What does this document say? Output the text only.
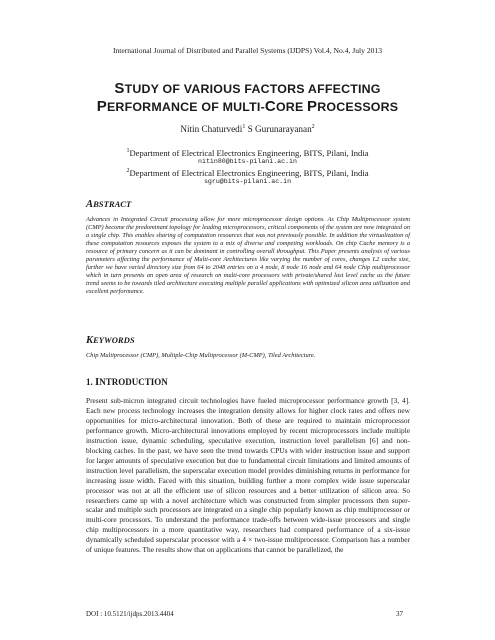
International Journal of Distributed and Parallel Systems (IJDPS) Vol.4, No.4, July 2013
STUDY OF VARIOUS FACTORS AFFECTING
PERFORMANCE OF MULTI-CORE PROCESSORS
Nitin Chaturvedi$^1$ S Gurunarayanan$^2$
$^1$Department of Electrical Electronics Engineering, BITS, Pilani, India
nitin80@bits-pilani.ac.in
$^2$Department of Electrical Electronics Engineering, BITS, Pilani, India
sgru@bits-pilani.ac.in
ABSTRACT
Advances in Integrated Circuit processing allow for more microprocessor design options. As Chip Multiprocessor system (CMP) become the predominant topology for leading microprocessors, critical components of the system are now integrated on a single chip. This enables sharing of computation resources that was not previously possible. In addition the virtualization of these computation resources exposes the system to a mix of diverse and competing workloads. On chip Cache memory is a resource of primary concern as it can be dominant in controlling overall throughput. This Paper presents analysis of various parameters affecting the performance of Multi-core Architectures like varying the number of cores, changes L2 cache size, further we have varied directory size from 64 to 2048 entries on a 4 node, 8 node 16 node and 64 node Chip multiprocessor which in turn presents an open area of research on multi-core processors with private/shared last level cache as the future trend seems to be towards tiled architecture executing multiple parallel applications with optimized silicon area utilization and excellent performance.
KEYWORDS
Chip Multiprocessor (CMP), Multiple-Chip Multiprocessor (M-CMP), Tiled Architecture.
1. INTRODUCTION
Present sub-micron integrated circuit technologies have fueled microprocessor performance growth [3, 4]. Each new process technology increases the integration density allows for higher clock rates and offers new opportunities for micro-architectural innovation. Both of these are required to maintain microprocessor performance growth. Micro-architectural innovations employed by recent microprocessors include multiple instruction issue, dynamic scheduling, speculative execution, instruction level parallelism [6] and non-blocking caches. In the past, we have seen the trend towards CPUs with wider instruction issue and support for larger amounts of speculative execution but due to fundamental circuit limitations and limited amounts of instruction level parallelism, the superscalar execution model provides diminishing returns in performance for increasing issue width. Faced with this situation, building further a more complex wide issue superscalar processor was not at all the efficient use of silicon resources and a better utilization of silicon area. So researchers came up with a novel architecture which was constructed from simpler processors then super-scalar and multiple such processors are integrated on a single chip popularly known as chip multiprocessor or multi-core processors. To understand the performance trade-offs between wide-issue processors and single chip multiprocessors in a more quantitative way, researchers had compared performance of a six-issue dynamically scheduled superscalar processor with a 4 × two-issue multiprocessor. Comparison has a number of unique features. The results show that on applications that cannot be parallelized, the
DOI : 10.5121/ijdps.2013.4404	37
